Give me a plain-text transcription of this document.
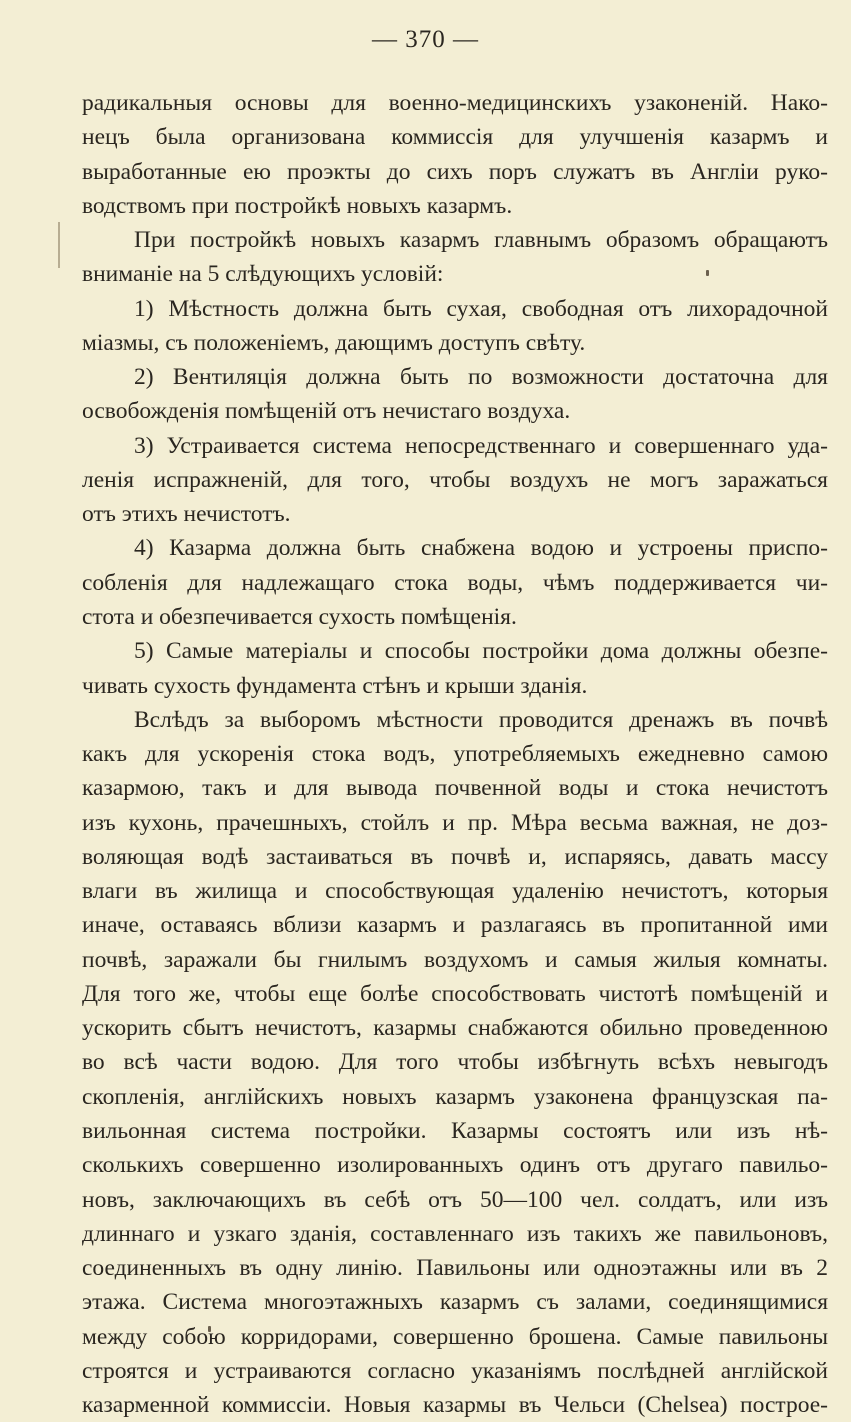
— 370 —
радикальныя основы для военно-медицинскихъ узаконеній. Нако-
нецъ была организована коммиссія для улучшенія казармъ и
выработанные ею проэкты до сихъ поръ служатъ въ Англіи руко-
водствомъ при постройкѣ новыхъ казармъ.
При постройкѣ новыхъ казармъ главнымъ образомъ обращаютъ
вниманіе на 5 слѣдующихъ условій:
1) Мѣстность должна быть сухая, свободная отъ лихорадочной
міазмы, съ положеніемъ, дающимъ доступъ свѣту.
2) Вентиляція должна быть по возможности достаточна для
освобожденія помѣщеній отъ нечистаго воздуха.
3) Устраивается система непосредственнаго и совершеннаго уда-
ленія испражненій, для того, чтобы воздухъ не могъ заражаться
отъ этихъ нечистотъ.
4) Казарма должна быть снабжена водою и устроены приспо-
собленія для надлежащаго стока воды, чѣмъ поддерживается чи-
стота и обезпечивается сухость помѣщенія.
5) Самые матеріалы и способы постройки дома должны обезпе-
чивать сухость фундамента стѣнъ и крыши зданія.
Вслѣдъ за выборомъ мѣстности проводится дренажъ въ почвѣ
какъ для ускоренія стока водъ, употребляемыхъ ежедневно самою
казармою, такъ и для вывода почвенной воды и стока нечистотъ
изъ кухонь, прачешныхъ, стойлъ и пр. Мѣра весьма важная, не доз-
воляющая водѣ застаиваться въ почвѣ и, испаряясь, давать массу
влаги въ жилища и способствующая удаленію нечистотъ, которыя
иначе, оставаясь вблизи казармъ и разлагаясь въ пропитанной ими
почвѣ, заражали бы гнилымъ воздухомъ и самыя жилыя комнаты.
Для того же, чтобы еще болѣе способствовать чистотѣ помѣщеній и
ускорить сбытъ нечистотъ, казармы снабжаются обильно проведенною
во всѣ части водою. Для того чтобы избѣгнуть всѣхъ невыгодъ
скопленія, англійскихъ новыхъ казармъ узаконена французская па-
вильонная система постройки. Казармы состоятъ или изъ нѣ-
сколькихъ совершенно изолированныхъ одинъ отъ другаго павильо-
новъ, заключающихъ въ себѣ отъ 50—100 чел. солдатъ, или изъ
длиннаго и узкаго зданія, составленнаго изъ такихъ же павильоновъ,
соединенныхъ въ одну линію. Павильоны или одноэтажны или въ 2
этажа. Система многоэтажныхъ казармъ съ залами, соединящимися
между собою корридорами, совершенно брошена. Самые павильоны
строятся и устраиваются согласно указаніямъ послѣдней англійской
казарменной коммиссіи. Новыя казармы въ Чельси (Chelsea) построе-
